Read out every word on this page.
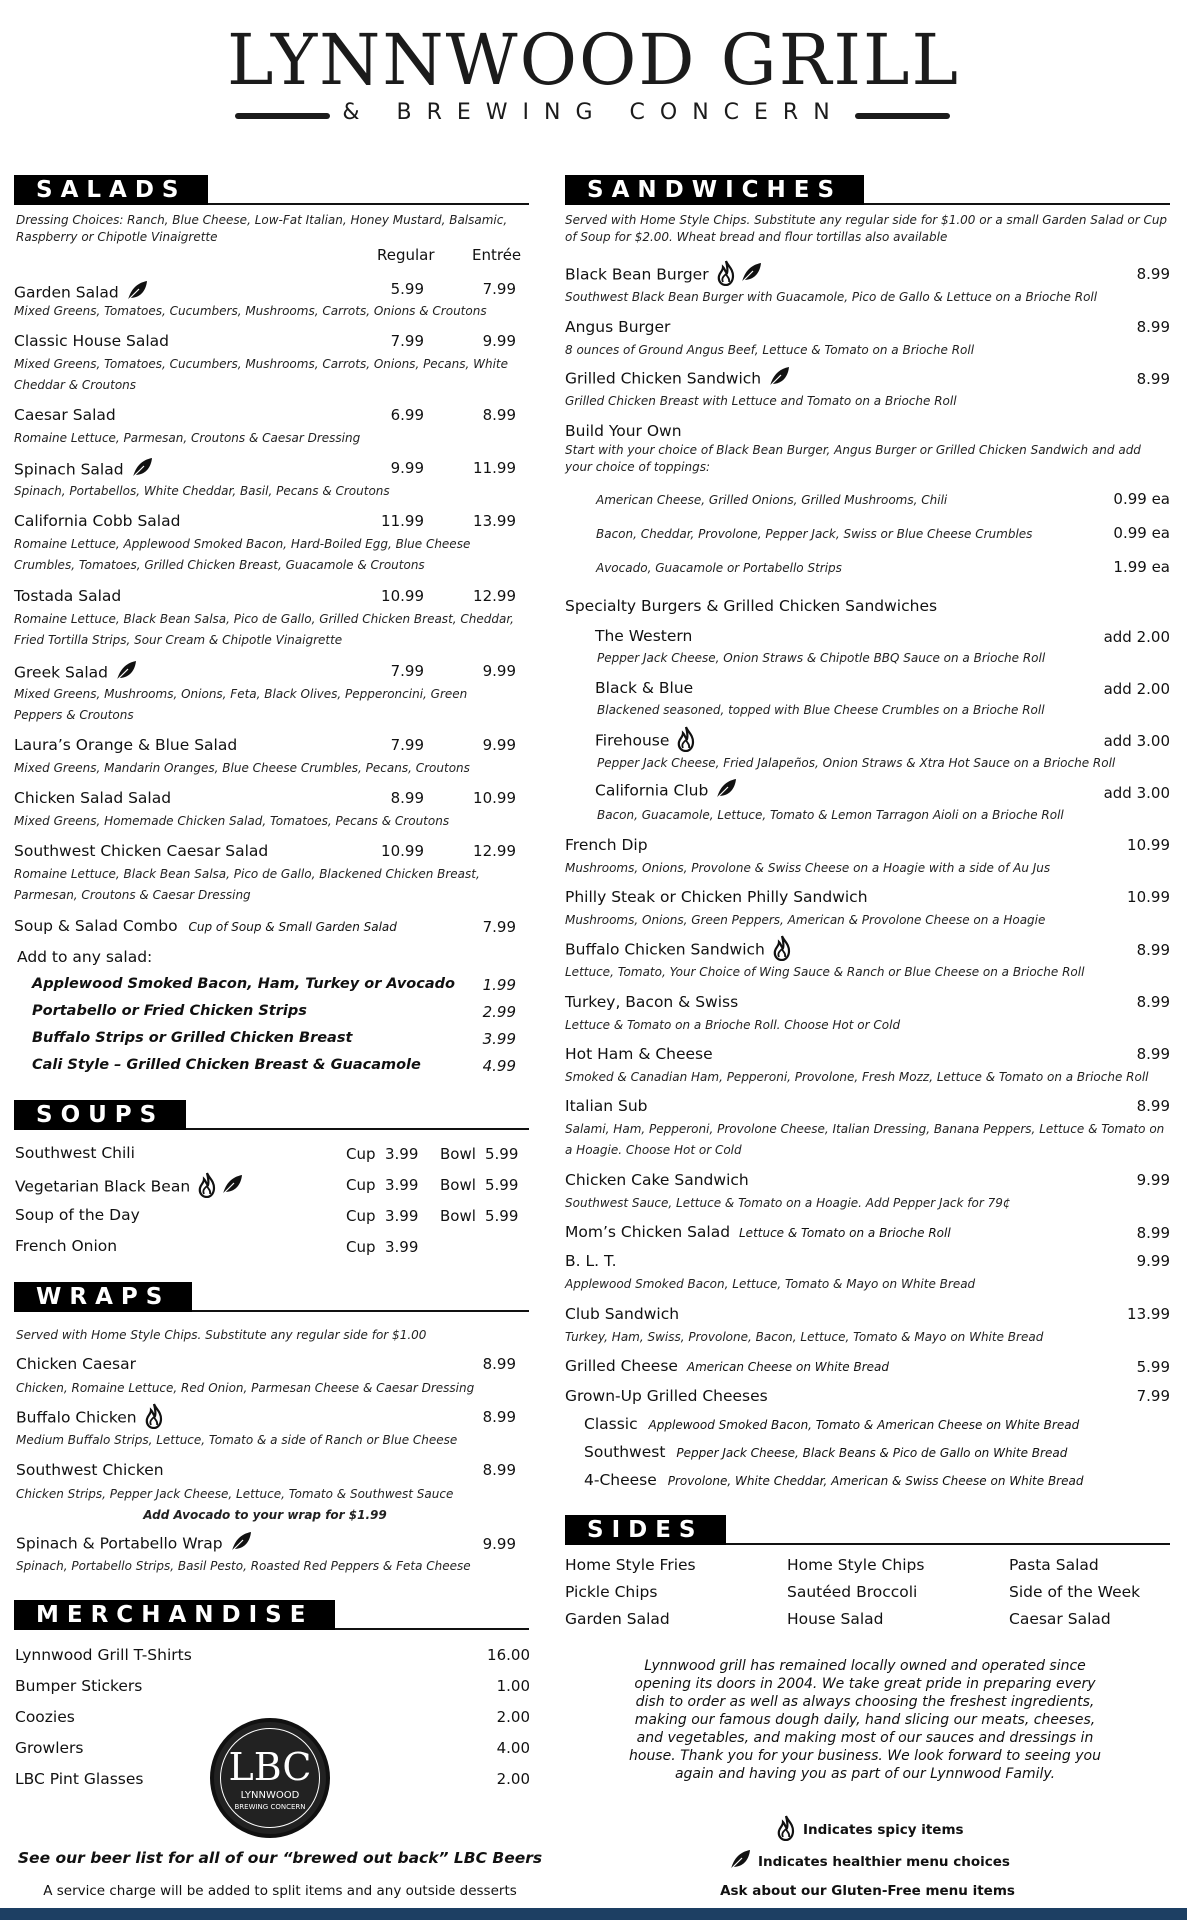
LYNNWOOD GRILL
& BREWING CONCERN
SALADS
Dressing Choices: Ranch, Blue Cheese, Low-Fat Italian, Honey Mustard, Balsamic, Raspberry or Chipotle Vinaigrette
Regular Entrée
Garden Salad	5.99	7.99
Mixed Greens, Tomatoes, Cucumbers, Mushrooms, Carrots, Onions & Croutons
Classic House Salad	7.99	9.99
Mixed Greens, Tomatoes, Cucumbers, Mushrooms, Carrots, Onions, Pecans, White Cheddar & Croutons
Caesar Salad	6.99	8.99
Romaine Lettuce, Parmesan, Croutons & Caesar Dressing
Spinach Salad	9.99	11.99
Spinach, Portabellos, White Cheddar, Basil, Pecans & Croutons
California Cobb Salad	11.99	13.99
Romaine Lettuce, Applewood Smoked Bacon, Hard-Boiled Egg, Blue Cheese Crumbles, Tomatoes, Grilled Chicken Breast, Guacamole & Croutons
Tostada Salad	10.99	12.99
Romaine Lettuce, Black Bean Salsa, Pico de Gallo, Grilled Chicken Breast, Cheddar, Fried Tortilla Strips, Sour Cream & Chipotle Vinaigrette
Greek Salad	7.99	9.99
Mixed Greens, Mushrooms, Onions, Feta, Black Olives, Pepperoncini, Green Peppers & Croutons
Laura’s Orange & Blue Salad	7.99	9.99
Mixed Greens, Mandarin Oranges, Blue Cheese Crumbles, Pecans, Croutons
Chicken Salad Salad	8.99	10.99
Mixed Greens, Homemade Chicken Salad, Tomatoes, Pecans & Croutons
Southwest Chicken Caesar Salad	10.99	12.99
Romaine Lettuce, Black Bean Salsa, Pico de Gallo, Blackened Chicken Breast, Parmesan, Croutons & Caesar Dressing
Soup & Salad Combo Cup of Soup & Small Garden Salad	7.99
Add to any salad:
Applewood Smoked Bacon, Ham, Turkey or Avocado	1.99
Portabello or Fried Chicken Strips	2.99
Buffalo Strips or Grilled Chicken Breast	3.99
Cali Style – Grilled Chicken Breast & Guacamole	4.99
SOUPS
Southwest Chili	Cup 3.99 Bowl 5.99
Vegetarian Black Bean	Cup 3.99 Bowl 5.99
Soup of the Day	Cup 3.99 Bowl 5.99
French Onion	Cup 3.99
WRAPS
Served with Home Style Chips. Substitute any regular side for $1.00
Chicken Caesar	8.99
Chicken, Romaine Lettuce, Red Onion, Parmesan Cheese & Caesar Dressing
Buffalo Chicken	8.99
Medium Buffalo Strips, Lettuce, Tomato & a side of Ranch or Blue Cheese
Southwest Chicken	8.99
Chicken Strips, Pepper Jack Cheese, Lettuce, Tomato & Southwest Sauce
Add Avocado to your wrap for $1.99
Spinach & Portabello Wrap	9.99
Spinach, Portabello Strips, Basil Pesto, Roasted Red Peppers & Feta Cheese
MERCHANDISE
Lynnwood Grill T-Shirts	16.00
Bumper Stickers	1.00
Coozies	2.00
Growlers	4.00
LBC Pint Glasses	2.00
LBC
LYNNWOOD
BREWING CONCERN
See our beer list for all of our “brewed out back” LBC Beers
A service charge will be added to split items and any outside desserts
SANDWICHES
Served with Home Style Chips. Substitute any regular side for $1.00 or a small Garden Salad or Cup of Soup for $2.00. Wheat bread and flour tortillas also available
Black Bean Burger	8.99
Southwest Black Bean Burger with Guacamole, Pico de Gallo & Lettuce on a Brioche Roll
Angus Burger	8.99
8 ounces of Ground Angus Beef, Lettuce & Tomato on a Brioche Roll
Grilled Chicken Sandwich	8.99
Grilled Chicken Breast with Lettuce and Tomato on a Brioche Roll
Build Your Own
Start with your choice of Black Bean Burger, Angus Burger or Grilled Chicken Sandwich and add your choice of toppings:
American Cheese, Grilled Onions, Grilled Mushrooms, Chili	0.99 ea
Bacon, Cheddar, Provolone, Pepper Jack, Swiss or Blue Cheese Crumbles	0.99 ea
Avocado, Guacamole or Portabello Strips	1.99 ea
Specialty Burgers & Grilled Chicken Sandwiches
The Western	add 2.00
Pepper Jack Cheese, Onion Straws & Chipotle BBQ Sauce on a Brioche Roll
Black & Blue	add 2.00
Blackened seasoned, topped with Blue Cheese Crumbles on a Brioche Roll
Firehouse	add 3.00
Pepper Jack Cheese, Fried Jalapeños, Onion Straws & Xtra Hot Sauce on a Brioche Roll
California Club	add 3.00
Bacon, Guacamole, Lettuce, Tomato & Lemon Tarragon Aioli on a Brioche Roll
French Dip	10.99
Mushrooms, Onions, Provolone & Swiss Cheese on a Hoagie with a side of Au Jus
Philly Steak or Chicken Philly Sandwich	10.99
Mushrooms, Onions, Green Peppers, American & Provolone Cheese on a Hoagie
Buffalo Chicken Sandwich	8.99
Lettuce, Tomato, Your Choice of Wing Sauce & Ranch or Blue Cheese on a Brioche Roll
Turkey, Bacon & Swiss	8.99
Lettuce & Tomato on a Brioche Roll. Choose Hot or Cold
Hot Ham & Cheese	8.99
Smoked & Canadian Ham, Pepperoni, Provolone, Fresh Mozz, Lettuce & Tomato on a Brioche Roll
Italian Sub	8.99
Salami, Ham, Pepperoni, Provolone Cheese, Italian Dressing, Banana Peppers, Lettuce & Tomato on a Hoagie. Choose Hot or Cold
Chicken Cake Sandwich	9.99
Southwest Sauce, Lettuce & Tomato on a Hoagie. Add Pepper Jack for 79¢
Mom’s Chicken Salad Lettuce & Tomato on a Brioche Roll	8.99
B. L. T.	9.99
Applewood Smoked Bacon, Lettuce, Tomato & Mayo on White Bread
Club Sandwich	13.99
Turkey, Ham, Swiss, Provolone, Bacon, Lettuce, Tomato & Mayo on White Bread
Grilled Cheese American Cheese on White Bread	5.99
Grown-Up Grilled Cheeses	7.99
Classic Applewood Smoked Bacon, Tomato & American Cheese on White Bread
Southwest Pepper Jack Cheese, Black Beans & Pico de Gallo on White Bread
4-Cheese Provolone, White Cheddar, American & Swiss Cheese on White Bread
SIDES
Home Style Fries	Home Style Chips	Pasta Salad
Pickle Chips	Sautéed Broccoli	Side of the Week
Garden Salad	House Salad	Caesar Salad
Lynnwood grill has remained locally owned and operated since opening its doors in 2004. We take great pride in preparing every dish to order as well as always choosing the freshest ingredients, making our famous dough daily, hand slicing our meats, cheeses, and vegetables, and making most of our sauces and dressings in house. Thank you for your business. We look forward to seeing you again and having you as part of our Lynnwood Family.
Indicates spicy items
Indicates healthier menu choices
Ask about our Gluten-Free menu items
